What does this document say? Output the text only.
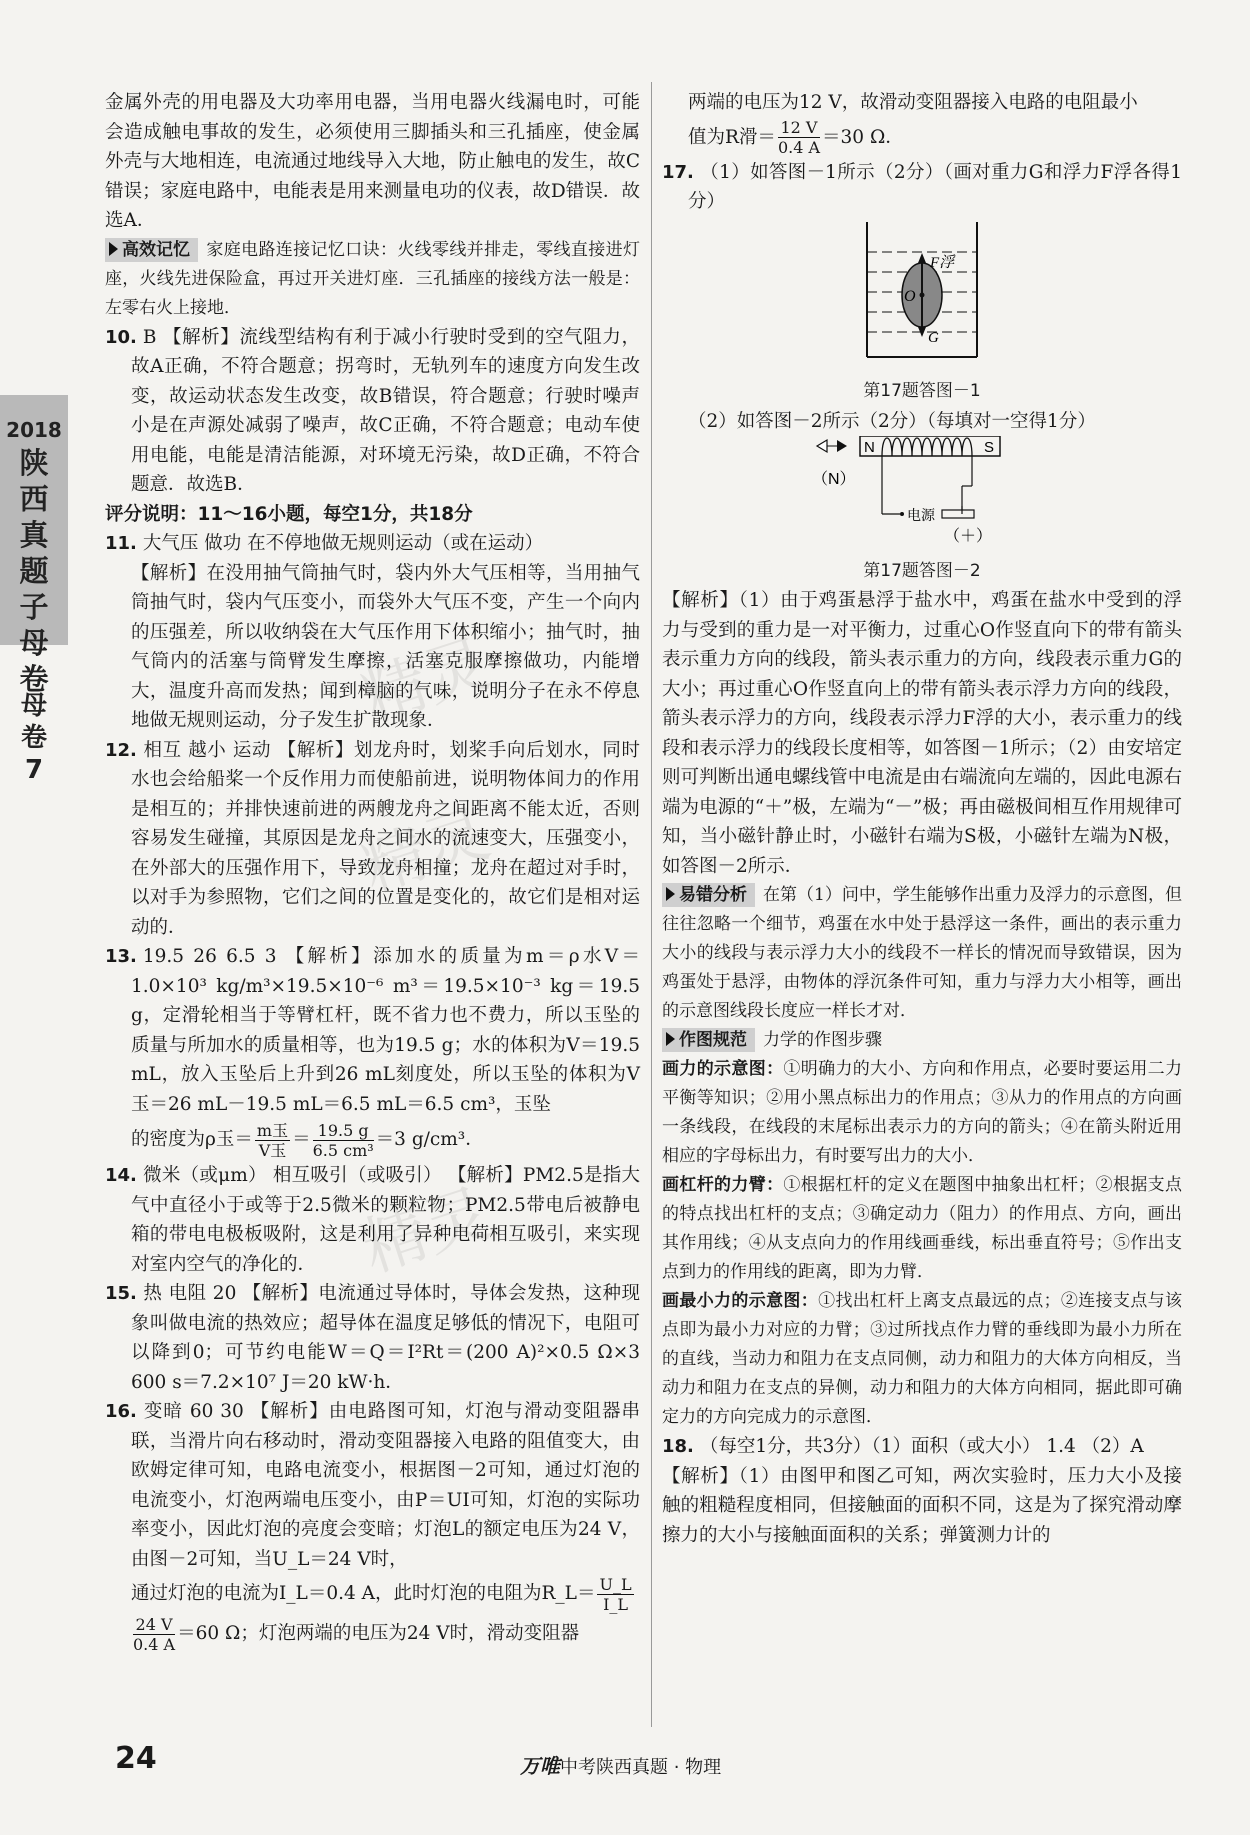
2018
陕西真题子母卷
母卷7
精灵
精灵
精灵

金属外壳的用电器及大功率用电器，当用电器火线漏电时，可能会造成触电事故的发生，必须使用三脚插头和三孔插座，使金属外壳与大地相连，电流通过地线导入大地，防止触电的发生，故C错误；家庭电路中，电能表是用来测量电功的仪表，故D错误．故选A．

高效记忆 家庭电路连接记忆口诀：火线零线并排走，零线直接进灯座，火线先进保险盒，再过开关进灯座．三孔插座的接线方法一般是：左零右火上接地．

10. B 【解析】流线型结构有利于减小行驶时受到的空气阻力，故A正确，不符合题意；拐弯时，无轨列车的速度方向发生改变，故运动状态发生改变，故B错误，符合题意；行驶时噪声小是在声源处减弱了噪声，故C正确，不符合题意；电动车使用电能，电能是清洁能源，对环境无污染，故D正确，不符合题意．故选B．

评分说明：11～16小题，每空1分，共18分

11. 大气压 做功 在不停地做无规则运动（或在运动）

【解析】在没用抽气筒抽气时，袋内外大气压相等，当用抽气筒抽气时，袋内气压变小，而袋外大气压不变，产生一个向内的压强差，所以收纳袋在大气压作用下体积缩小；抽气时，抽气筒内的活塞与筒臂发生摩擦，活塞克服摩擦做功，内能增大，温度升高而发热；闻到樟脑的气味，说明分子在永不停息地做无规则运动，分子发生扩散现象．

12. 相互 越小 运动 【解析】划龙舟时，划桨手向后划水，同时水也会给船桨一个反作用力而使船前进，说明物体间力的作用是相互的；并排快速前进的两艘龙舟之间距离不能太近，否则容易发生碰撞，其原因是龙舟之间水的流速变大，压强变小，在外部大的压强作用下，导致龙舟相撞；龙舟在超过对手时，以对手为参照物，它们之间的位置是变化的，故它们是相对运动的．

13. 19.5 26 6.5 3 【解析】添加水的质量为m＝ρ水V＝1.0×10³ kg/m³×19.5×10⁻⁶ m³＝19.5×10⁻³ kg＝19.5 g，定滑轮相当于等臂杠杆，既不省力也不费力，所以玉坠的质量与所加水的质量相等，也为19.5 g；水的体积为V＝19.5 mL，放入玉坠后上升到26 mL刻度处，所以玉坠的体积为V玉＝26 mL－19.5 mL＝6.5 mL＝6.5 cm³，玉坠

的密度为ρ玉＝ $\frac{\text{m玉}}{\text{V玉}} = \frac{19.5 g}{\text{6.5 cm³}} =3$ g/cm³．

14. 微米（或μm） 相互吸引（或吸引） 【解析】PM2.5是指大气中直径小于或等于2.5微米的颗粒物；PM2.5带电后被静电箱的带电电极板吸附，这是利用了异种电荷相互吸引，来实现对室内空气的净化的．

15. 热 电阻 20 【解析】电流通过导体时，导体会发热，这种现象叫做电流的热效应；超导体在温度足够低的情况下，电阻可以降到0；可节约电能W＝Q＝I²Rt＝(200 A)²×0.5 Ω×3 600 s＝7.2×10⁷ J＝20 kW·h．

16. 变暗 60 30 【解析】由电路图可知，灯泡与滑动变阻器串联，当滑片向右移动时，滑动变阻器接入电路的阻值变大，由欧姆定律可知，电路电流变小，根据图－2可知，通过灯泡的电流变小，灯泡两端电压变小，由P＝UI可知，灯泡的实际功率变小，因此灯泡的亮度会变暗；灯泡L的额定电压为24 V，由图－2可知，当U_L＝24 V时，

通过灯泡的电流为I_L＝0.4 A，此时灯泡的电阻为R_L＝ $\frac{U\_L}{I\_L}$

$\frac{24 V}{0.4 A} =60$ Ω；灯泡两端的电压为24 V时，滑动变阻器

两端的电压为12 V，故滑动变阻器接入电路的电阻最小

值为R滑＝ $\frac{12 V}{0.4 A} =30$ Ω．

17. （1）如答图－1所示（2分）（画对重力G和浮力F浮各得1分）

F浮
O
G
第17题答图－1

（2）如答图－2所示（2分）（每填对一空得1分）

N	S
电源
（N）
（＋）
第17题答图－2

【解析】（1）由于鸡蛋悬浮于盐水中，鸡蛋在盐水中受到的浮力与受到的重力是一对平衡力，过重心O作竖直向下的带有箭头表示重力方向的线段，箭头表示重力的方向，线段表示重力G的大小；再过重心O作竖直向上的带有箭头表示浮力方向的线段，箭头表示浮力的方向，线段表示浮力F浮的大小，表示重力的线段和表示浮力的线段长度相等，如答图－1所示；（2）由安培定则可判断出通电螺线管中电流是由右端流向左端的，因此电源右端为电源的“＋”极，左端为“－”极；再由磁极间相互作用规律可知，当小磁针静止时，小磁针右端为S极，小磁针左端为N极，如答图－2所示．

易错分析 在第（1）问中，学生能够作出重力及浮力的示意图，但往往忽略一个细节，鸡蛋在水中处于悬浮这一条件，画出的表示重力大小的线段与表示浮力大小的线段不一样长的情况而导致错误，因为鸡蛋处于悬浮，由物体的浮沉条件可知，重力与浮力大小相等，画出的示意图线段长度应一样长才对．

作图规范 力学的作图步骤

画力的示意图：①明确力的大小、方向和作用点，必要时要运用二力平衡等知识；②用小黑点标出力的作用点；③从力的作用点的方向画一条线段，在线段的末尾标出表示力的方向的箭头；④在箭头附近用相应的字母标出力，有时要写出力的大小．

画杠杆的力臂：①根据杠杆的定义在题图中抽象出杠杆；②根据支点的特点找出杠杆的支点；③确定动力（阻力）的作用点、方向，画出其作用线；④从支点向力的作用线画垂线，标出垂直符号；⑤作出支点到力的作用线的距离，即为力臂．

画最小力的示意图：①找出杠杆上离支点最远的点；②连接支点与该点即为最小力对应的力臂；③过所找点作力臂的垂线即为最小力所在的直线，当动力和阻力在支点同侧，动力和阻力的大体方向相反，当动力和阻力在支点的异侧，动力和阻力的大体方向相同，据此即可确定力的方向完成力的示意图．

18. （每空1分，共3分）（1）面积（或大小） 1.4 （2）A

【解析】（1）由图甲和图乙可知，两次实验时，压力大小及接触的粗糙程度相同，但接触面的面积不同，这是为了探究滑动摩擦力的大小与接触面面积的关系；弹簧测力计的

24	万唯中考陕西真题 · 物理
